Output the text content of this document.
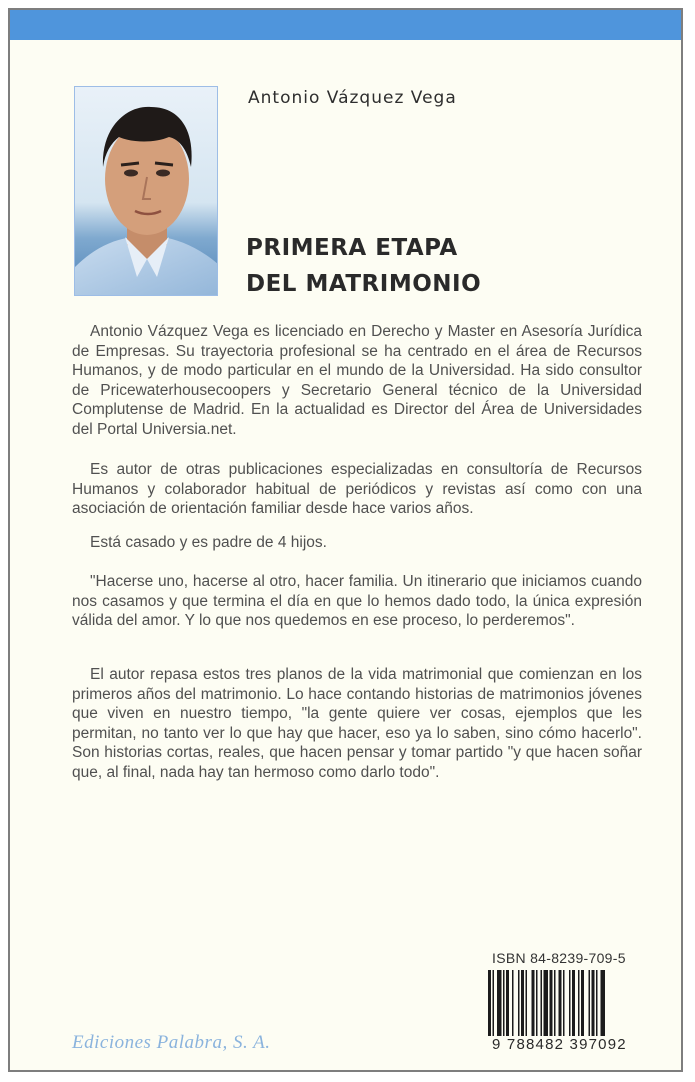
Antonio Vázquez Vega
PRIMERA ETAPA
DEL MATRIMONIO

Antonio Vázquez Vega es licenciado en Derecho y Master en Asesoría Jurídica de Empresas. Su trayectoria profesional se ha centrado en el área de Recursos Humanos, y de modo particular en el mundo de la Universidad. Ha sido consultor de Pricewaterhousecoopers y Secretario General técnico de la Universidad Complutense de Madrid. En la actualidad es Director del Área de Universidades del Portal Universia.net.

Es autor de otras publicaciones especializadas en consultoría de Recursos Humanos y colaborador habitual de periódicos y revistas así como con una asociación de orientación familiar desde hace varios años.

Está casado y es padre de 4 hijos.

"Hacerse uno, hacerse al otro, hacer familia. Un itinerario que iniciamos cuando nos casamos y que termina el día en que lo hemos dado todo, la única expresión válida del amor. Y lo que nos quedemos en ese proceso, lo perderemos".

El autor repasa estos tres planos de la vida matrimonial que comienzan en los primeros años del matrimonio. Lo hace contando historias de matrimonios jóvenes que viven en nuestro tiempo, "la gente quiere ver cosas, ejemplos que les permitan, no tanto ver lo que hay que hacer, eso ya lo saben, sino cómo hacerlo". Son historias cortas, reales, que hacen pensar y tomar partido "y que hacen soñar que, al final, nada hay tan hermoso como darlo todo".

ISBN 84-8239-709-5
9 788482 397092
Ediciones Palabra, S. A.
